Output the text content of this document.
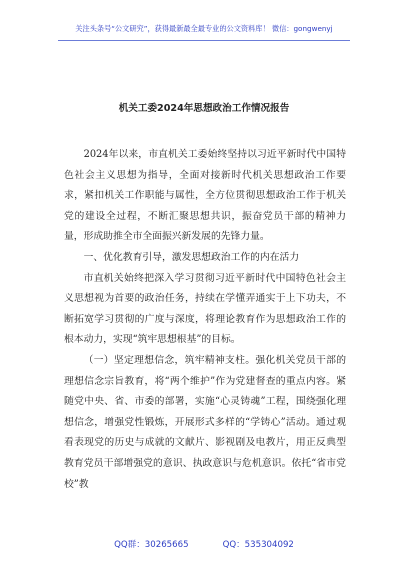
关注头条号“公文研究”，获得最新最全最专业的公文资料库！ 微信：gongwenyj
机关工委2024年思想政治工作情况报告

2024年以来，市直机关工委始终坚持以习近平新时代中国特色社会主义思想为指导，全面对接新时代机关思想政治工作要求，紧扣机关工作职能与属性，全方位贯彻思想政治工作于机关党的建设全过程，不断汇聚思想共识，振奋党员干部的精神力量，形成助推全市全面振兴新发展的先锋力量。

一、优化教育引导，激发思想政治工作的内在活力

市直机关始终把深入学习贯彻习近平新时代中国特色社会主义思想视为首要的政治任务，持续在学懂弄通实于上下功夫，不断拓宽学习贯彻的广度与深度，将理论教育作为思想政治工作的根本动力，实现“筑牢思想根基”的目标。

（一）坚定理想信念，筑牢精神支柱。强化机关党员干部的理想信念宗旨教育，将“两个维护”作为党建督查的重点内容。紧随党中央、省、市委的部署，实施“心灵铸魂”工程，围绕强化理想信念，增强党性锻炼，开展形式多样的“学铸心”活动。通过观看表现党的历史与成就的文献片、影视剧及电教片，用正反典型教育党员干部增强党的意识、执政意识与危机意识。依托“省市党校”教

QQ群：30265665	QQ：535304092
